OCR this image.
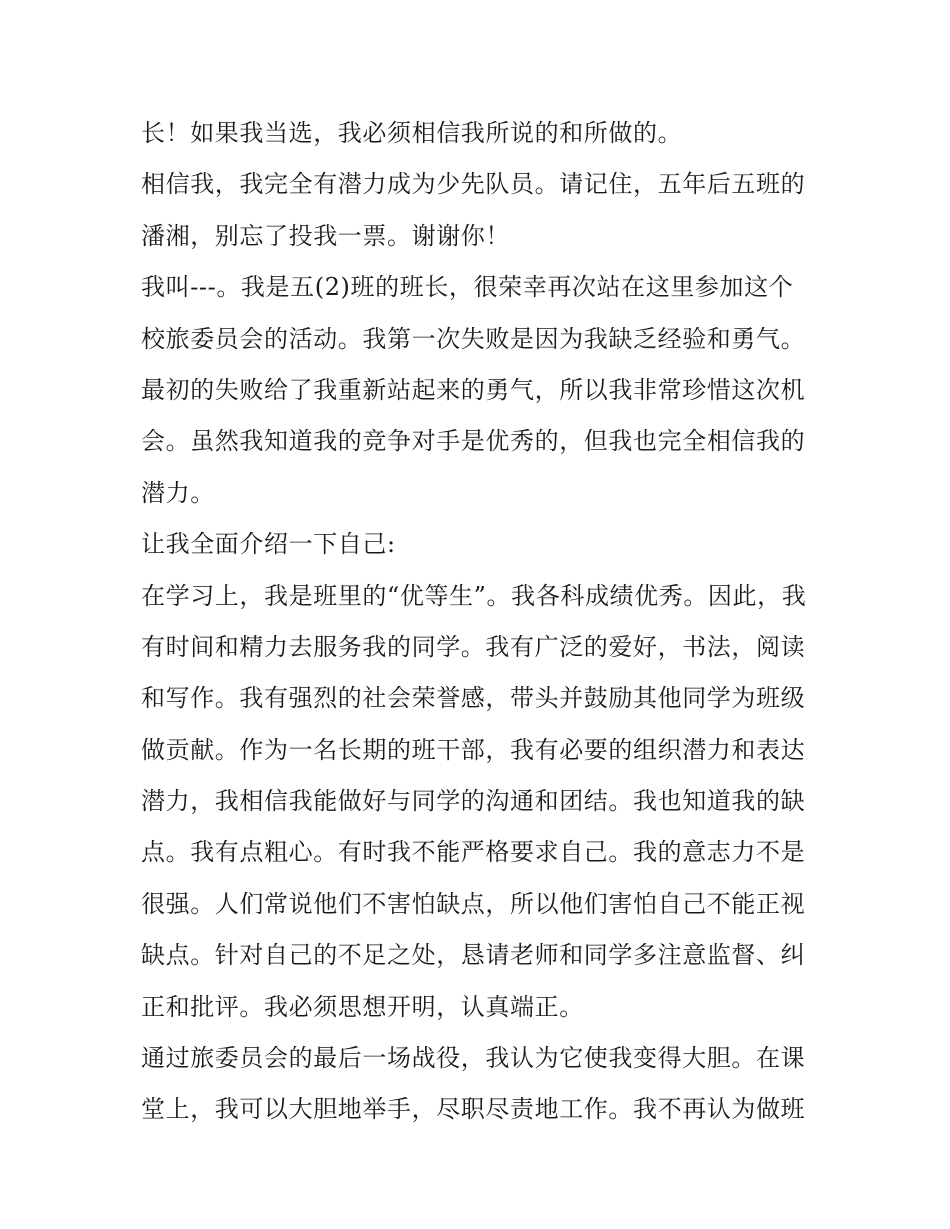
长！如果我当选，我必须相信我所说的和所做的。
相信我，我完全有潜力成为少先队员。请记住，五年后五班的
潘湘，别忘了投我一票。谢谢你！
我叫---。我是五(2)班的班长，很荣幸再次站在这里参加这个
校旅委员会的活动。我第一次失败是因为我缺乏经验和勇气。
最初的失败给了我重新站起来的勇气，所以我非常珍惜这次机
会。虽然我知道我的竞争对手是优秀的，但我也完全相信我的
潜力。
让我全面介绍一下自己:
在学习上，我是班里的“优等生”。我各科成绩优秀。因此，我
有时间和精力去服务我的同学。我有广泛的爱好，书法，阅读
和写作。我有强烈的社会荣誉感，带头并鼓励其他同学为班级
做贡献。作为一名长期的班干部，我有必要的组织潜力和表达
潜力，我相信我能做好与同学的沟通和团结。我也知道我的缺
点。我有点粗心。有时我不能严格要求自己。我的意志力不是
很强。人们常说他们不害怕缺点，所以他们害怕自己不能正视
缺点。针对自己的不足之处，恳请老师和同学多注意监督、纠
正和批评。我必须思想开明，认真端正。
通过旅委员会的最后一场战役，我认为它使我变得大胆。在课
堂上，我可以大胆地举手，尽职尽责地工作。我不再认为做班
